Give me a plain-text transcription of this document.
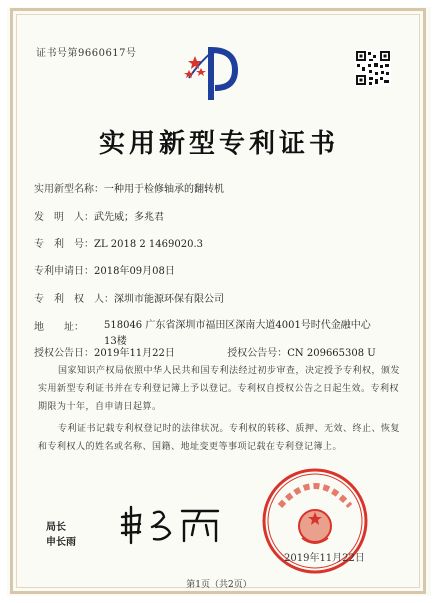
证书号第9660617号
实用新型专利证书
实用新型名称：一种用于检修轴承的翻转机
发　明　人：武先威；多兆君
专　利　号：ZL 2018 2 1469020.3
专利申请日：2018年09月08日
专　利　权　人：深圳市能源环保有限公司
地　　址： 518046 广东省深圳市福田区深南大道4001号时代金融中心13楼
授权公告日：2019年11月22日	授权公告号：CN 209665308 U
国家知识产权局依照中华人民共和国专利法经过初步审查，决定授予专利权，颁发实用新型专利证书并在专利登记簿上予以登记。专利权自授权公告之日起生效。专利权期限为十年，自申请日起算。
专利证书记载专利权登记时的法律状况。专利权的转移、质押、无效、终止、恢复和专利权人的姓名或名称、国籍、地址变更等事项记载在专利登记簿上。
局长
申长雨
2019年11月22日
第1页（共2页）
